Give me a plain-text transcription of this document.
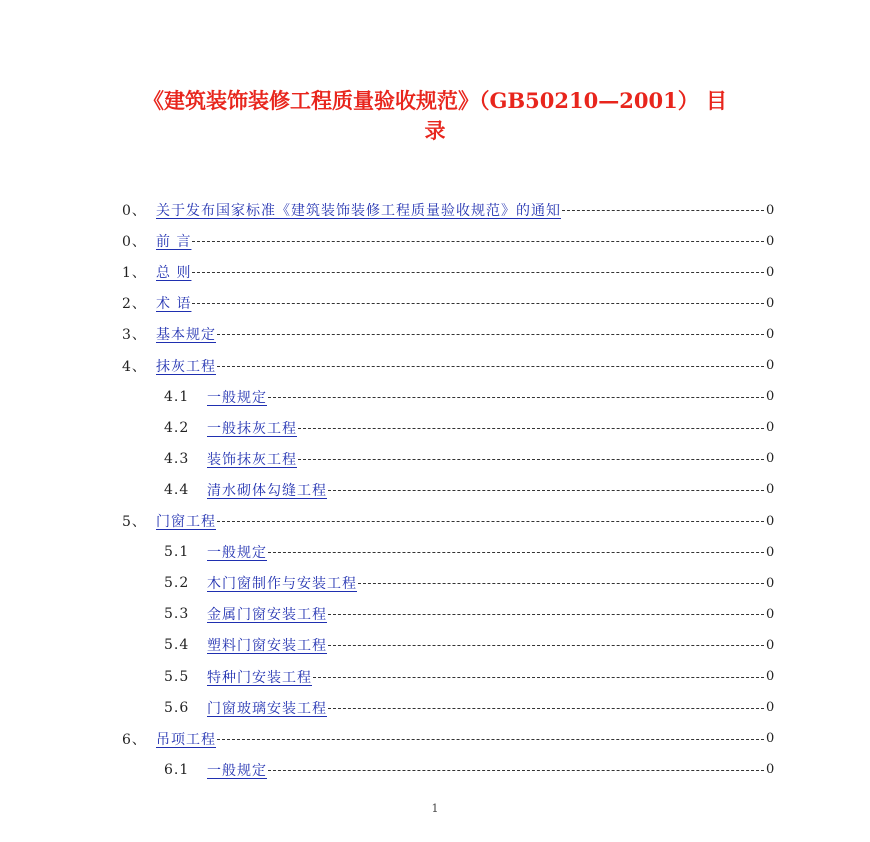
《建筑装饰装修工程质量验收规范》（GB50210—2001） 目
录
0、 关于发布国家标准《建筑装饰装修工程质量验收规范》的通知	0
0、 前 言	0
1、 总 则	0
2、 术 语	0
3、 基本规定	0
4、 抹灰工程	0
4.1 一般规定	0
4.2 一般抹灰工程	0
4.3 装饰抹灰工程	0
4.4 清水砌体勾缝工程	0
5、 门窗工程	0
5.1 一般规定	0
5.2 木门窗制作与安装工程	0
5.3 金属门窗安装工程	0
5.4 塑料门窗安装工程	0
5.5 特种门安装工程	0
5.6 门窗玻璃安装工程	0
6、 吊项工程	0
6.1 一般规定	0
1
